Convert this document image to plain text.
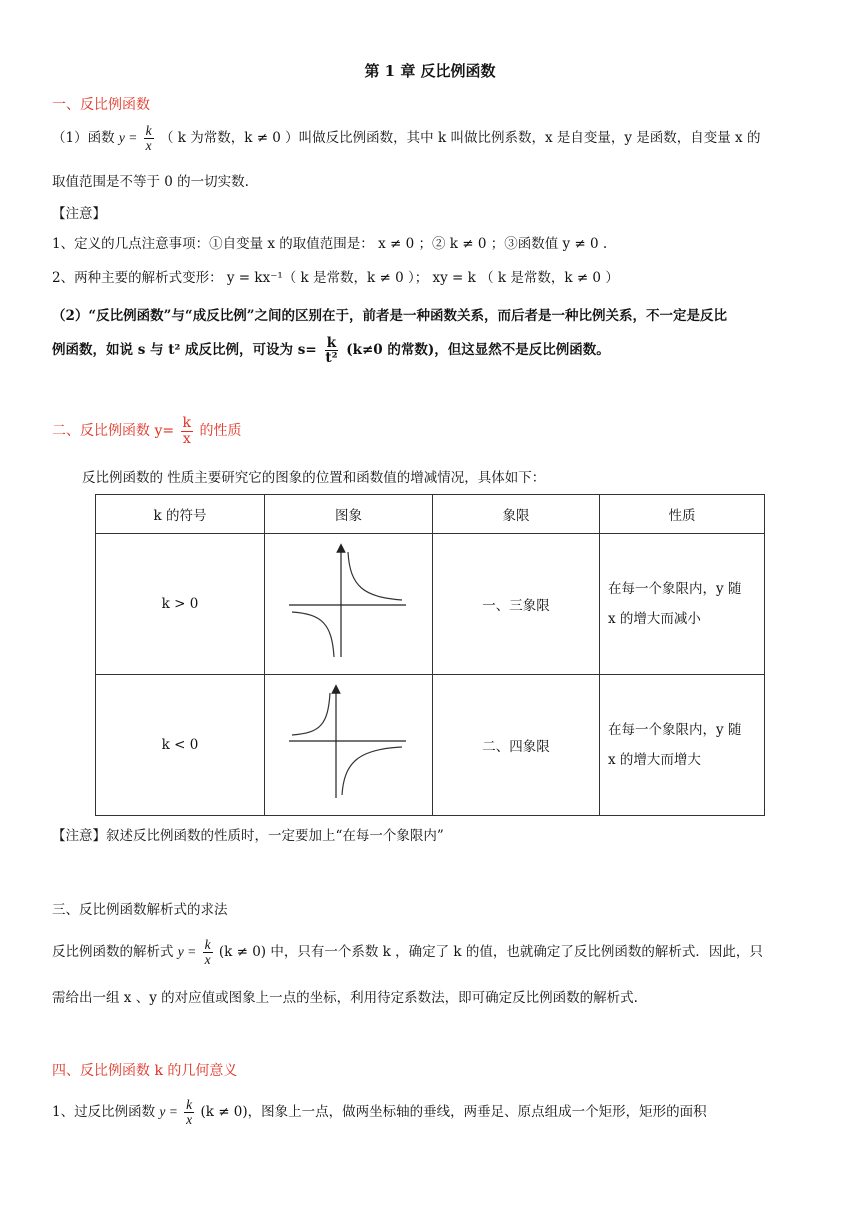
第 1 章 反比例函数
一、反比例函数
（1）函数 $y = \frac{k}{x}$ （ k 为常数，k ≠ 0 ）叫做反比例函数，其中 k 叫做比例系数，x 是自变量，y 是函数，自变量 x 的
取值范围是不等于 0 的一切实数.
【注意】
1、定义的几点注意事项：①自变量 x 的取值范围是： x ≠ 0 ；② k ≠ 0 ；③函数值 y ≠ 0 .
2、两种主要的解析式变形： y = kx⁻¹（ k 是常数，k ≠ 0 ）； xy = k （ k 是常数，k ≠ 0 ）
（2）“反比例函数”与“成反比例”之间的区别在于，前者是一种函数关系，而后者是一种比例关系，不一定是反比
例函数，如说 s 与 t² 成反比例，可设为 $s= \frac{k}{\text{t²}} (k\ne 0$ 的常数)，但这显然不是反比例函数。
二、反比例函数 $y= \frac{k}{x}$ 的性质
反比例函数的 性质主要研究它的图象的位置和函数值的增减情况，具体如下：
k 的符号	图象	象限	性质
k > 0		一、三象限	在每一个象限内，y 随
x 的增大而减小

k < 0		二、四象限	在每一个象限内，y 随
x 的增大而增大
【注意】叙述反比例函数的性质时，一定要加上“在每一个象限内”
三、反比例函数解析式的求法
反比例函数的解析式 $y = \frac{k}{x} (k \ne 0)$ 中，只有一个系数 k ，确定了 k 的值，也就确定了反比例函数的解析式．因此，只
需给出一组 x 、y 的对应值或图象上一点的坐标，利用待定系数法，即可确定反比例函数的解析式.
四、反比例函数 k 的几何意义
1、过反比例函数 $y = \frac{k}{x} (k \ne 0)$，图象上一点，做两坐标轴的垂线，两垂足、原点组成一个矩形，矩形的面积
